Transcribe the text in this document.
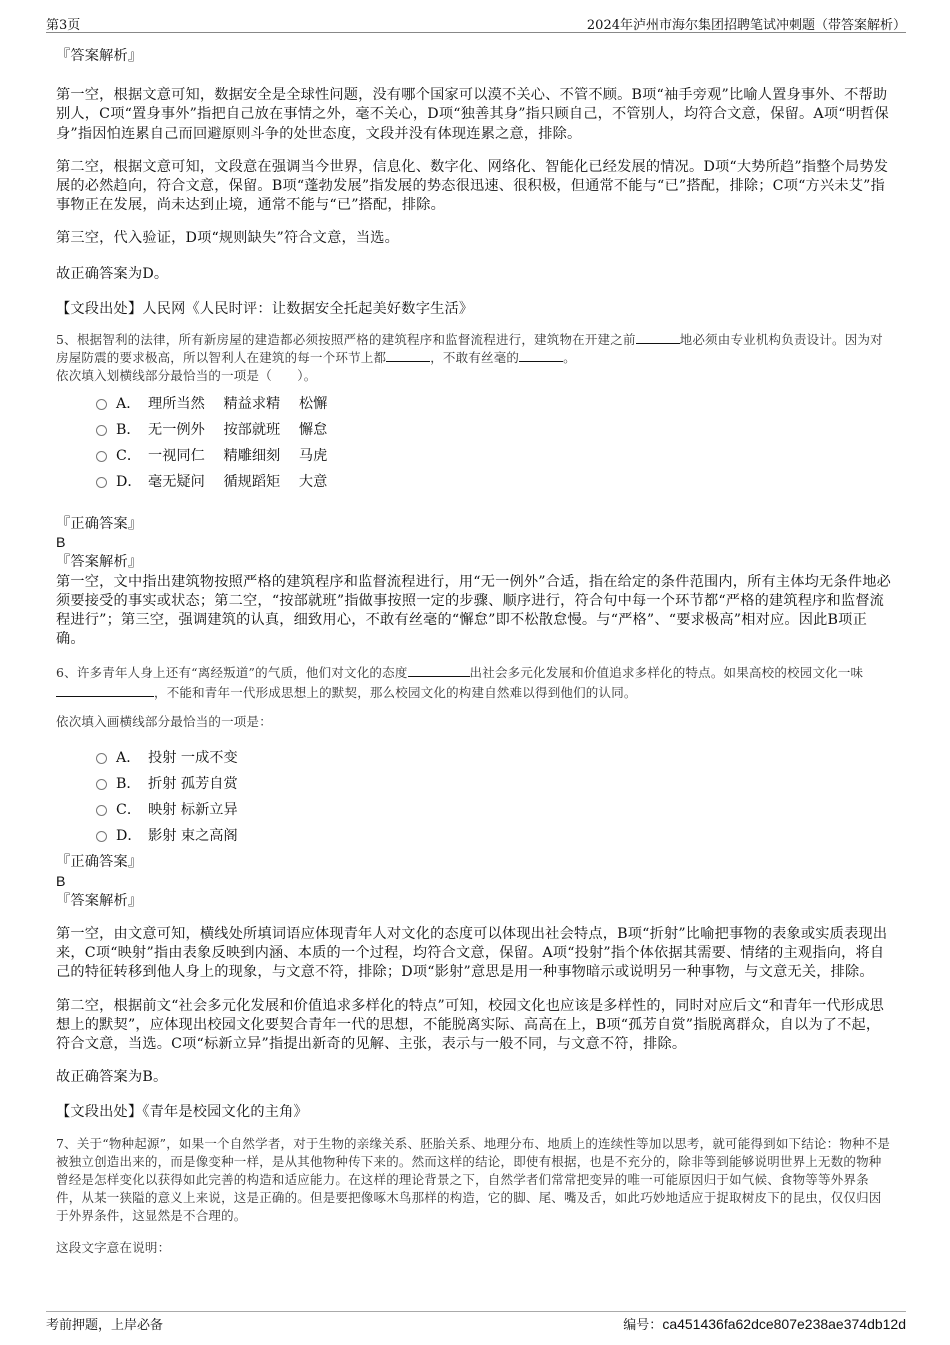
第3页	2024年泸州市海尔集团招聘笔试冲刺题（带答案解析）

『答案解析』

第一空，根据文意可知，数据安全是全球性问题，没有哪个国家可以漠不关心、不管不顾。B项“袖手旁观”比喻人置身事外、不帮助别人，C项“置身事外”指把自己放在事情之外，毫不关心，D项“独善其身”指只顾自己，不管别人，均符合文意，保留。A项“明哲保身”指因怕连累自己而回避原则斗争的处世态度，文段并没有体现连累之意，排除。

第二空，根据文意可知，文段意在强调当今世界，信息化、数字化、网络化、智能化已经发展的情况。D项“大势所趋”指整个局势发展的必然趋向，符合文意，保留。B项“蓬勃发展”指发展的势态很迅速、很积极，但通常不能与“已”搭配，排除；C项“方兴未艾”指事物正在发展，尚未达到止境，通常不能与“已”搭配，排除。

第三空，代入验证，D项“规则缺失”符合文意，当选。

故正确答案为D。

【文段出处】人民网《人民时评：让数据安全托起美好数字生活》

5、根据智利的法律，所有新房屋的建造都必须按照严格的建筑程序和监督流程进行，建筑物在开建之前	地必须由专业机构负责设计。因为对房屋防震的要求极高，所以智利人在建筑的每一个环节上都	，不敢有丝毫的	。

依次填入划横线部分最恰当的一项是（　　）。

A． 理所当然　 精益求精　 松懈
B． 无一例外　 按部就班　 懈怠
C． 一视同仁　 精雕细刻　 马虎
D． 毫无疑问　 循规蹈矩　 大意

『正确答案』

B

『答案解析』

第一空，文中指出建筑物按照严格的建筑程序和监督流程进行，用“无一例外”合适，指在给定的条件范围内，所有主体均无条件地必须要接受的事实或状态；第二空，“按部就班”指做事按照一定的步骤、顺序进行，符合句中每一个环节都“严格的建筑程序和监督流程进行”；第三空，强调建筑的认真，细致用心，不敢有丝毫的“懈怠”即不松散怠慢。与“严格”、“要求极高”相对应。因此B项正确。

6、许多青年人身上还有“离经叛道”的气质，他们对文化的态度	出社会多元化发展和价值追求多样化的特点。如果高校的校园文化一味，不能和青年一代形成思想上的默契，那么校园文化的构建自然难以得到他们的认同。

依次填入画横线部分最恰当的一项是：

A． 投射 一成不变
B． 折射 孤芳自赏
C． 映射 标新立异
D． 影射 束之高阁

『正确答案』

B

『答案解析』

第一空，由文意可知，横线处所填词语应体现青年人对文化的态度可以体现出社会特点，B项“折射”比喻把事物的表象或实质表现出来，C项“映射”指由表象反映到内涵、本质的一个过程，均符合文意，保留。A项“投射”指个体依据其需要、情绪的主观指向，将自己的特征转移到他人身上的现象，与文意不符，排除；D项“影射”意思是用一种事物暗示或说明另一种事物，与文意无关，排除。

第二空，根据前文“社会多元化发展和价值追求多样化的特点”可知，校园文化也应该是多样性的，同时对应后文“和青年一代形成思想上的默契”，应体现出校园文化要契合青年一代的思想，不能脱离实际、高高在上，B项“孤芳自赏”指脱离群众，自以为了不起，符合文意，当选。C项“标新立异”指提出新奇的见解、主张，表示与一般不同，与文意不符，排除。

故正确答案为B。

【文段出处】《青年是校园文化的主角》

7、关于“物种起源”，如果一个自然学者，对于生物的亲缘关系、胚胎关系、地理分布、地质上的连续性等加以思考，就可能得到如下结论：物种不是被独立创造出来的，而是像变种一样，是从其他物种传下来的。然而这样的结论，即使有根据，也是不充分的，除非等到能够说明世界上无数的物种曾经是怎样变化以获得如此完善的构造和适应能力。在这样的理论背景之下，自然学者们常常把变异的唯一可能原因归于如气候、食物等等外界条件，从某一狭隘的意义上来说，这是正确的。但是要把像啄木鸟那样的构造，它的脚、尾、嘴及舌，如此巧妙地适应于捉取树皮下的昆虫，仅仅归因于外界条件，这显然是不合理的。

这段文字意在说明：

考前押题，上岸必备	编号：ca451436fa62dce807e238ae374db12d
